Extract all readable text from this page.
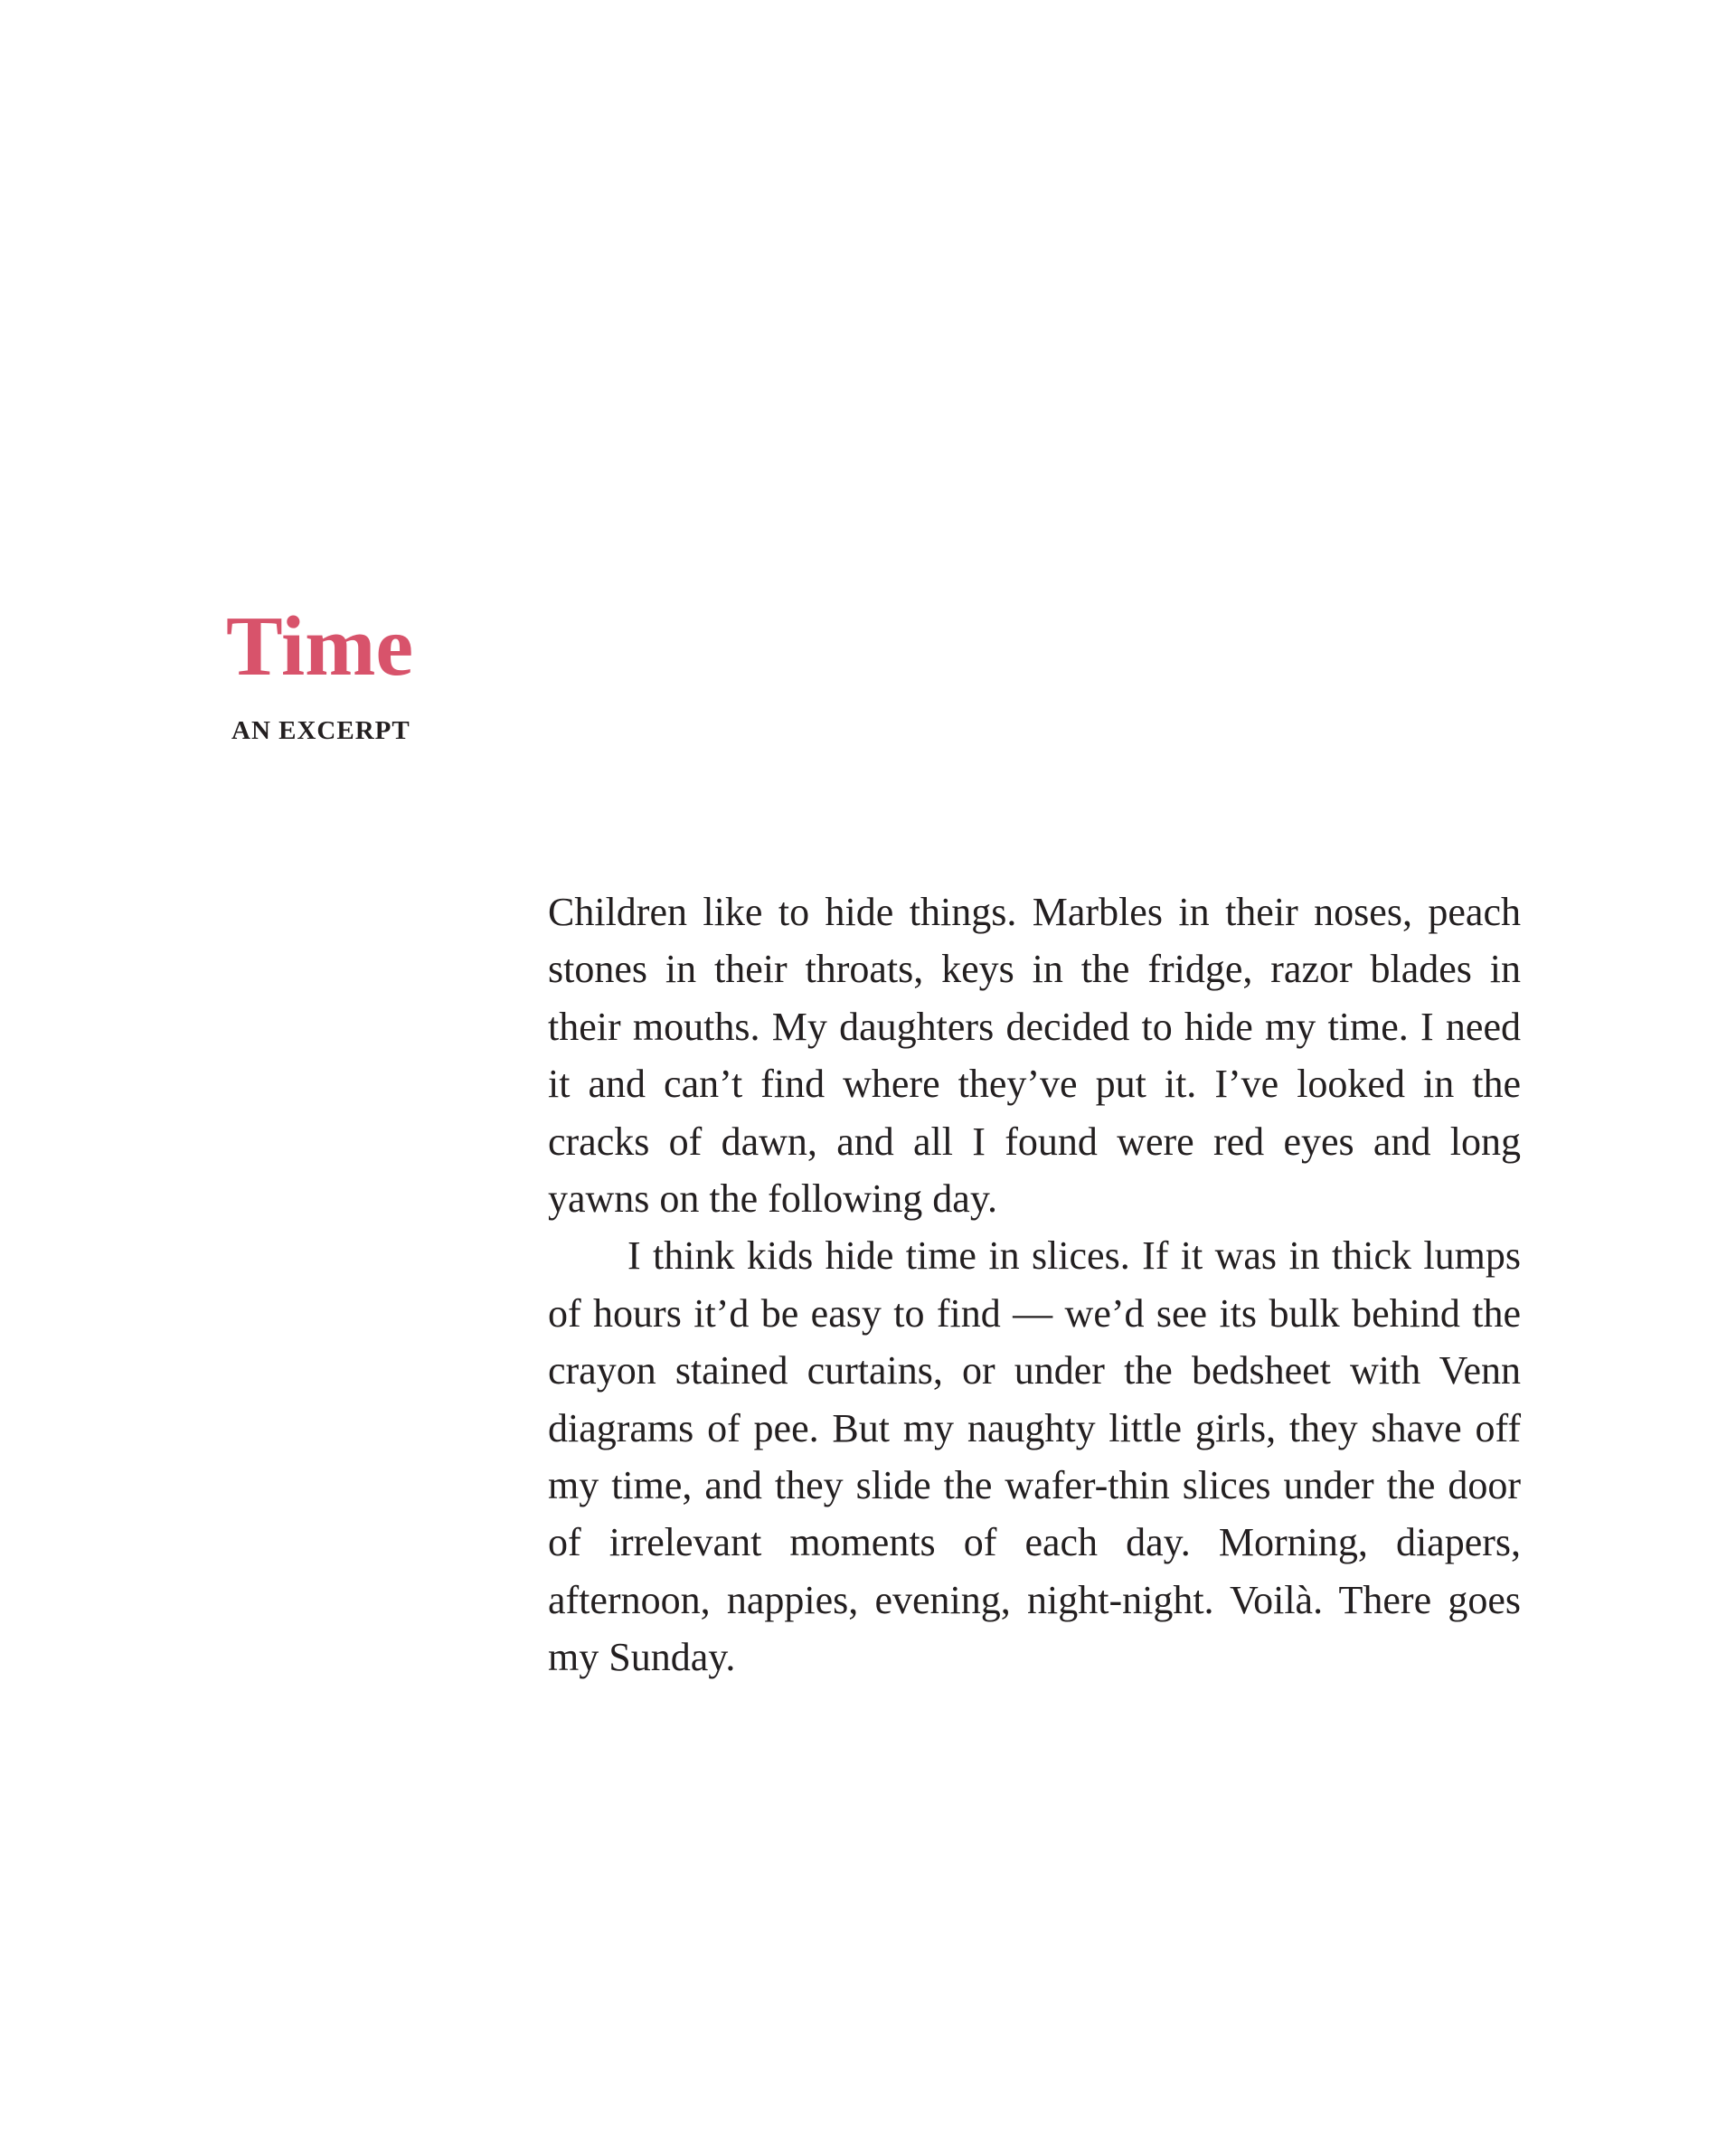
Time
AN EXCERPT

Children like to hide things. Marbles in their noses, peach stones in their throats, keys in the fridge, razor blades in their mouths. My daughters decided to hide my time. I need it and can’t find where they’ve put it. I’ve looked in the cracks of dawn, and all I found were red eyes and long yawns on the following day.

I think kids hide time in slices. If it was in thick lumps of hours it’d be easy to find — we’d see its bulk behind the crayon stained curtains, or under the bedsheet with Venn diagrams of pee. But my naughty little girls, they shave off my time, and they slide the wafer-thin slices under the door of irrelevant moments of each day. Morning, diapers, afternoon, nappies, evening, night-night. Voilà. There goes my Sunday.
